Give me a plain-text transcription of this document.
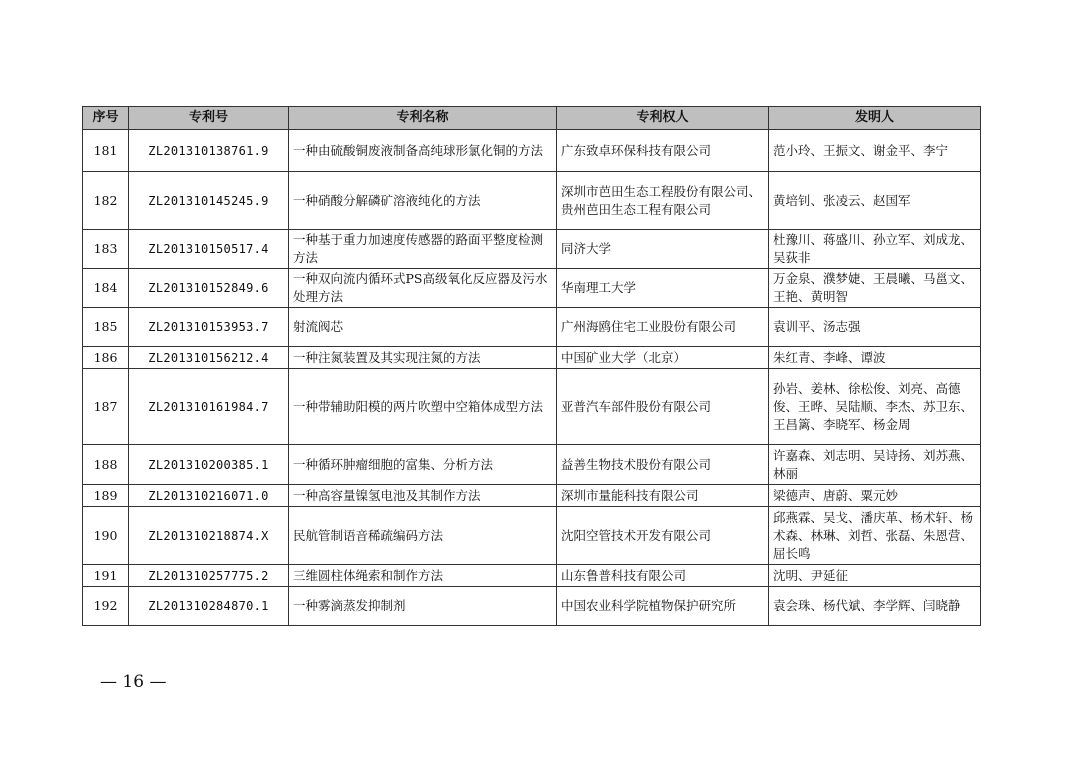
序号	专利号	专利名称	专利权人	发明人
181	ZL201310138761.9	一种由硫酸铜废液制备高纯球形氯化铜的方法	广东致卓环保科技有限公司	范小玲、王振文、谢金平、李宁
182	ZL201310145245.9	一种硝酸分解磷矿溶液纯化的方法	深圳市芭田生态工程股份有限公司、贵州芭田生态工程有限公司	黄培钊、张凌云、赵国军
183	ZL201310150517.4	一种基于重力加速度传感器的路面平整度检测方法	同济大学	杜豫川、蒋盛川、孙立军、刘成龙、吴荻非
184	ZL201310152849.6	一种双向流内循环式PS高级氧化反应器及污水处理方法	华南理工大学	万金泉、濮梦婕、王晨曦、马邕文、王艳、黄明智
185	ZL201310153953.7	射流阀芯	广州海鸥住宅工业股份有限公司	袁训平、汤志强
186	ZL201310156212.4	一种注氮装置及其实现注氮的方法	中国矿业大学（北京）	朱红青、李峰、谭波
187	ZL201310161984.7	一种带辅助阳模的两片吹塑中空箱体成型方法	亚普汽车部件股份有限公司	孙岩、姜林、徐松俊、刘亮、高德俊、王晔、吴陆顺、李杰、苏卫东、王昌篱、李晓军、杨金周
188	ZL201310200385.1	一种循环肿瘤细胞的富集、分析方法	益善生物技术股份有限公司	许嘉森、刘志明、吴诗扬、刘苏燕、林丽
189	ZL201310216071.0	一种高容量镍氢电池及其制作方法	深圳市量能科技有限公司	梁德声、唐蔚、粟元妙
190	ZL201310218874.X	民航管制语音稀疏编码方法	沈阳空管技术开发有限公司	邱燕霖、吴戈、潘庆革、杨术轩、杨术森、林琳、刘哲、张磊、朱恩营、屈长鸣
191	ZL201310257775.2	三维圆柱体绳索和制作方法	山东鲁普科技有限公司	沈明、尹延征
192	ZL201310284870.1	一种雾滴蒸发抑制剂	中国农业科学院植物保护研究所	袁会珠、杨代斌、李学辉、闫晓静
— 16 —
